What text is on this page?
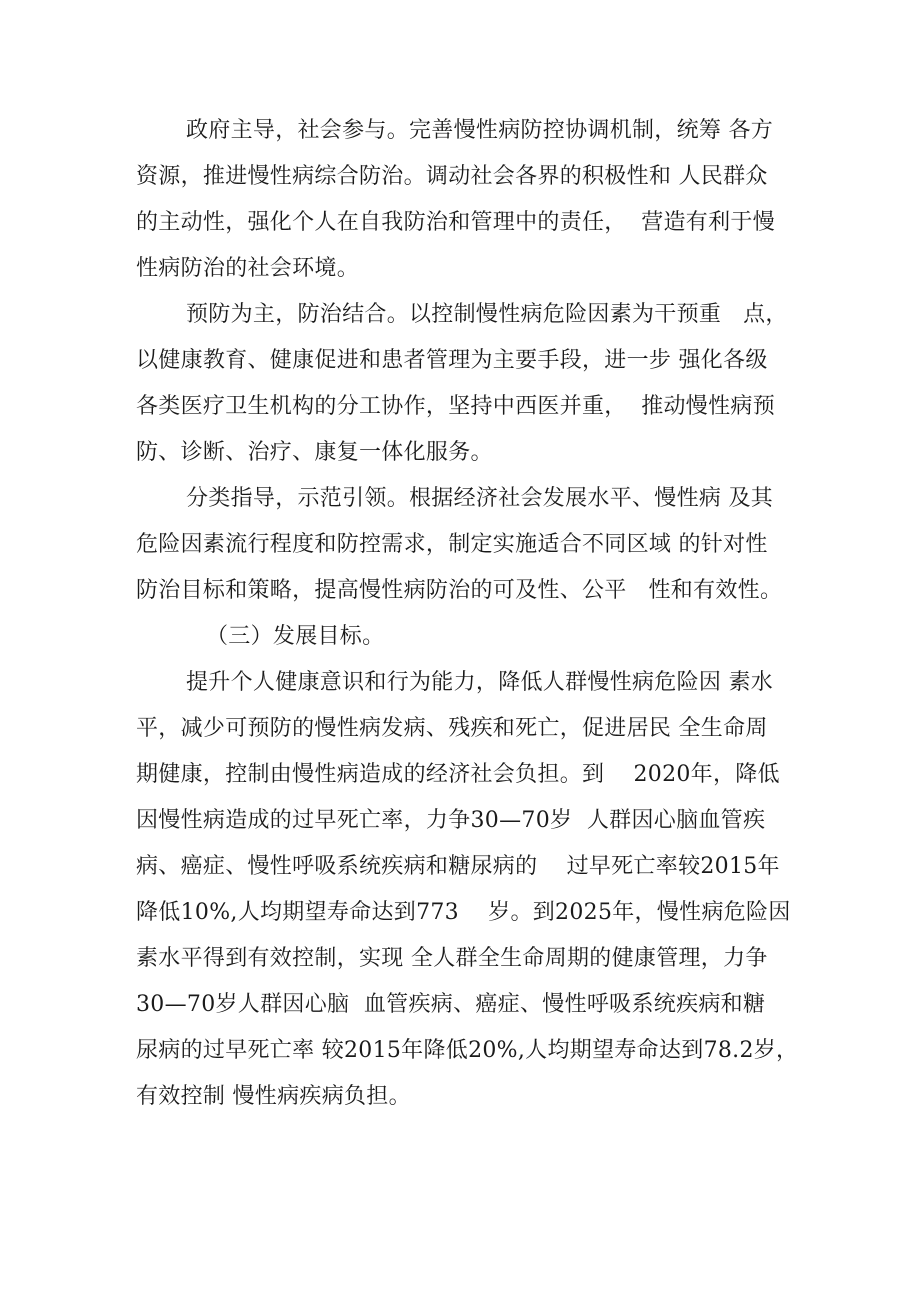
政府主导，社会参与。完善慢性病防控协调机制，统筹 各方
资源，推进慢性病综合防治。调动社会各界的积极性和 人民群众
的主动性，强化个人在自我防治和管理中的责任，  营造有利于慢
性病防治的社会环境。
预防为主，防治结合。以控制慢性病危险因素为干预重   点，
以健康教育、健康促进和患者管理为主要手段，进一步 强化各级
各类医疗卫生机构的分工协作，坚持中西医并重，  推动慢性病预
防、诊断、治疗、康复一体化服务。
分类指导，示范引领。根据经济社会发展水平、慢性病 及其
危险因素流行程度和防控需求，制定实施适合不同区域 的针对性
防治目标和策略，提高慢性病防治的可及性、公平   性和有效性。
（三）发展目标。
提升个人健康意识和行为能力，降低人群慢性病危险因 素水
平，减少可预防的慢性病发病、残疾和死亡，促进居民 全生命周
期健康，控制由慢性病造成的经济社会负担。到    2020年，降低
因慢性病造成的过早死亡率，力争30—70岁  人群因心脑血管疾
病、癌症、慢性呼吸系统疾病和糖尿病的    过早死亡率较2015年
降低10%,人均期望寿命达到773    岁。到2025年，慢性病危险因
素水平得到有效控制，实现 全人群全生命周期的健康管理，力争
30—70岁人群因心脑  血管疾病、癌症、慢性呼吸系统疾病和糖
尿病的过早死亡率 较2015年降低20%,人均期望寿命达到78.2岁，
有效控制 慢性病疾病负担。
